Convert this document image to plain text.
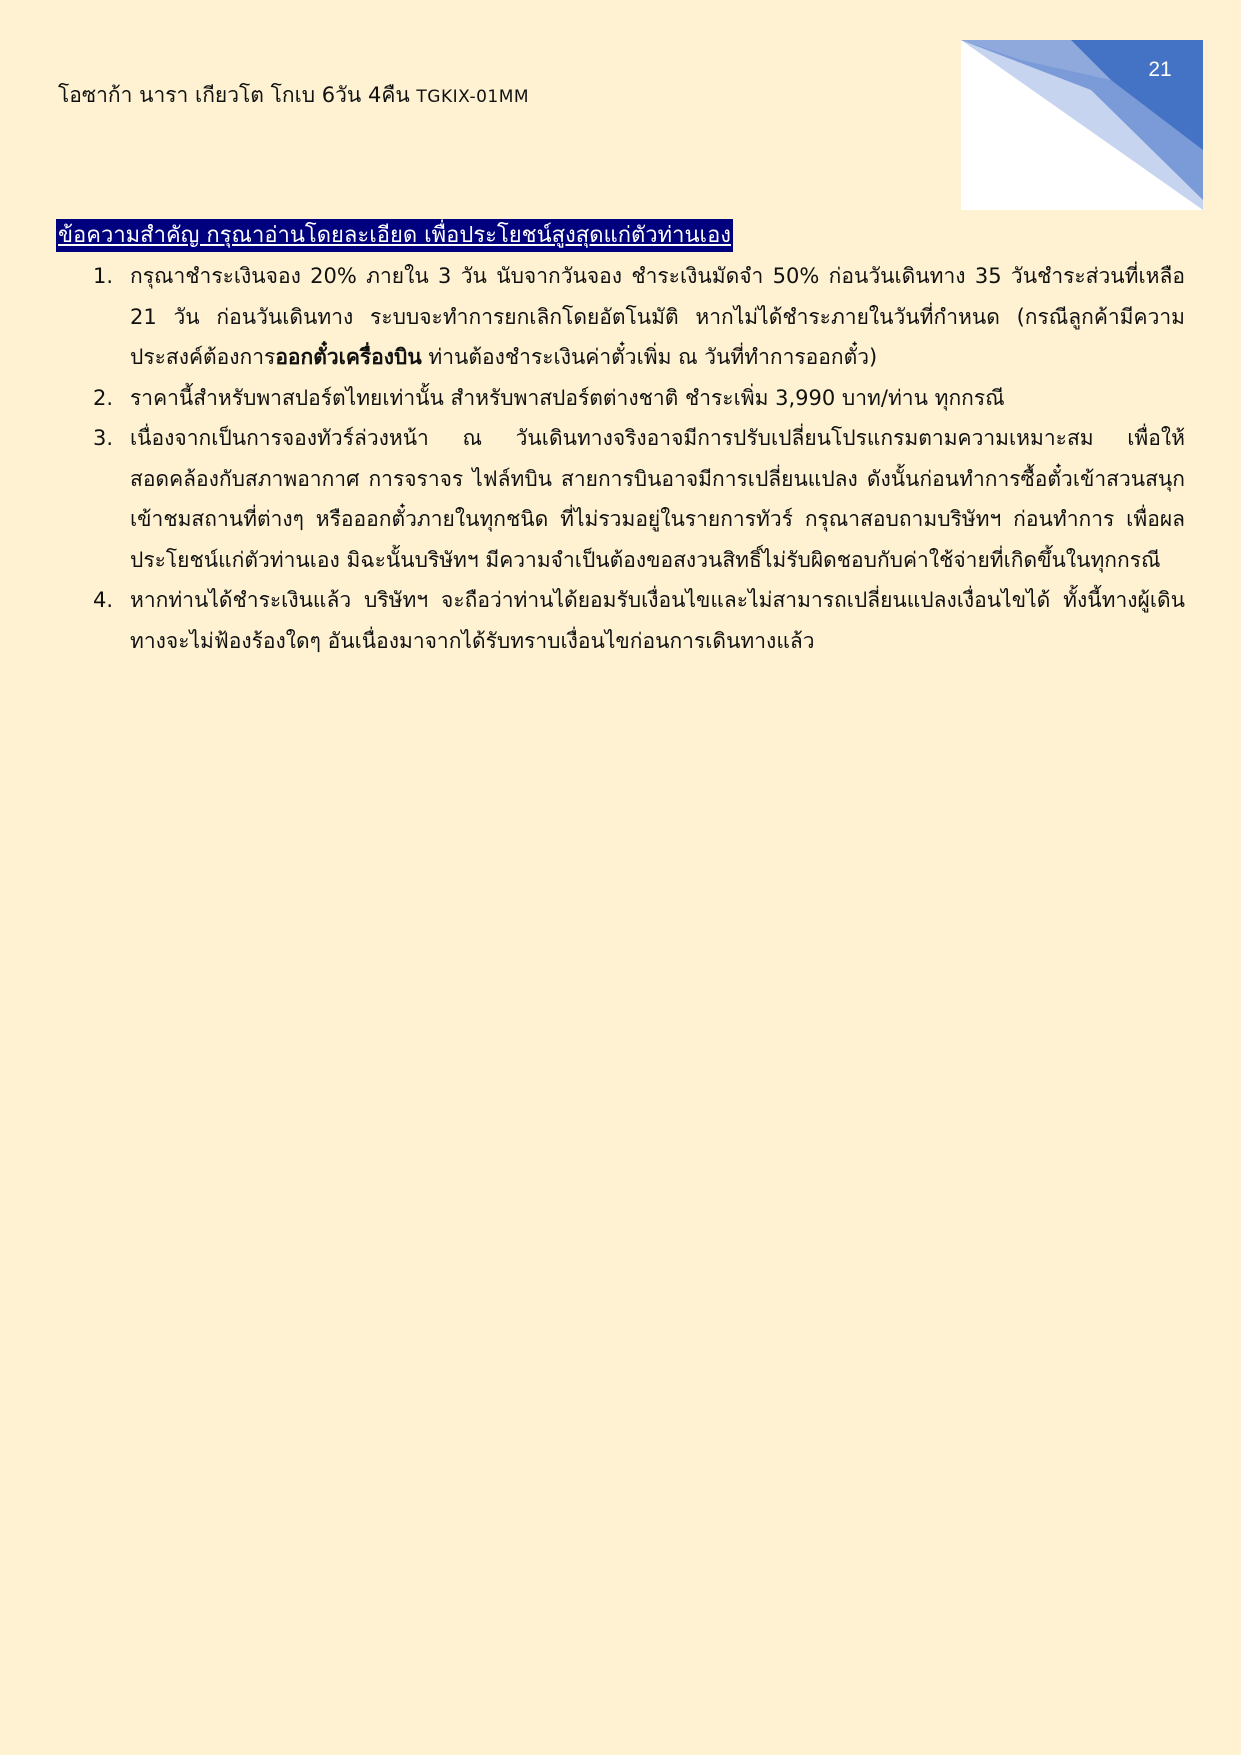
โอซาก้า นารา เกียวโต โกเบ 6วัน 4คืน TGKIX-01MM
21
ข้อความสำคัญ กรุณาอ่านโดยละเอียด เพื่อประโยชน์สูงสุดแก่ตัวท่านเอง
1. กรุณาชำระเงินจอง 20% ภายใน 3 วัน นับจากวันจอง ชำระเงินมัดจำ 50% ก่อนวันเดินทาง 35 วันชำระส่วนที่เหลือ 21 วัน ก่อนวันเดินทาง ระบบจะทำการยกเลิกโดยอัตโนมัติ หากไม่ได้ชำระภายในวันที่กำหนด (กรณีลูกค้ามีความประสงค์ต้องการออกตั๋วเครื่องบิน ท่านต้องชำระเงินค่าตั๋วเพิ่ม ณ วันที่ทำการออกตั๋ว)
2. ราคานี้สำหรับพาสปอร์ตไทยเท่านั้น สำหรับพาสปอร์ตต่างชาติ ชำระเพิ่ม 3,990 บาท/ท่าน ทุกกรณี
3. เนื่องจากเป็นการจองทัวร์ล่วงหน้า ณ วันเดินทางจริงอาจมีการปรับเปลี่ยนโปรแกรมตามความเหมาะสม เพื่อให้สอดคล้องกับสภาพอากาศ การจราจร ไฟล์ทบิน สายการบินอาจมีการเปลี่ยนแปลง ดังนั้นก่อนทำการซื้อตั๋วเข้าสวนสนุก เข้าชมสถานที่ต่างๆ หรือออกตั๋วภายในทุกชนิด ที่ไม่รวมอยู่ในรายการทัวร์ กรุณาสอบถามบริษัทฯ ก่อนทำการ เพื่อผลประโยชน์แก่ตัวท่านเอง มิฉะนั้นบริษัทฯ มีความจำเป็นต้องขอสงวนสิทธิ์ไม่รับผิดชอบกับค่าใช้จ่ายที่เกิดขึ้นในทุกกรณี
4. หากท่านได้ชำระเงินแล้ว บริษัทฯ จะถือว่าท่านได้ยอมรับเงื่อนไขและไม่สามารถเปลี่ยนแปลงเงื่อนไขได้ ทั้งนี้ทางผู้เดินทางจะไม่ฟ้องร้องใดๆ อันเนื่องมาจากได้รับทราบเงื่อนไขก่อนการเดินทางแล้ว
